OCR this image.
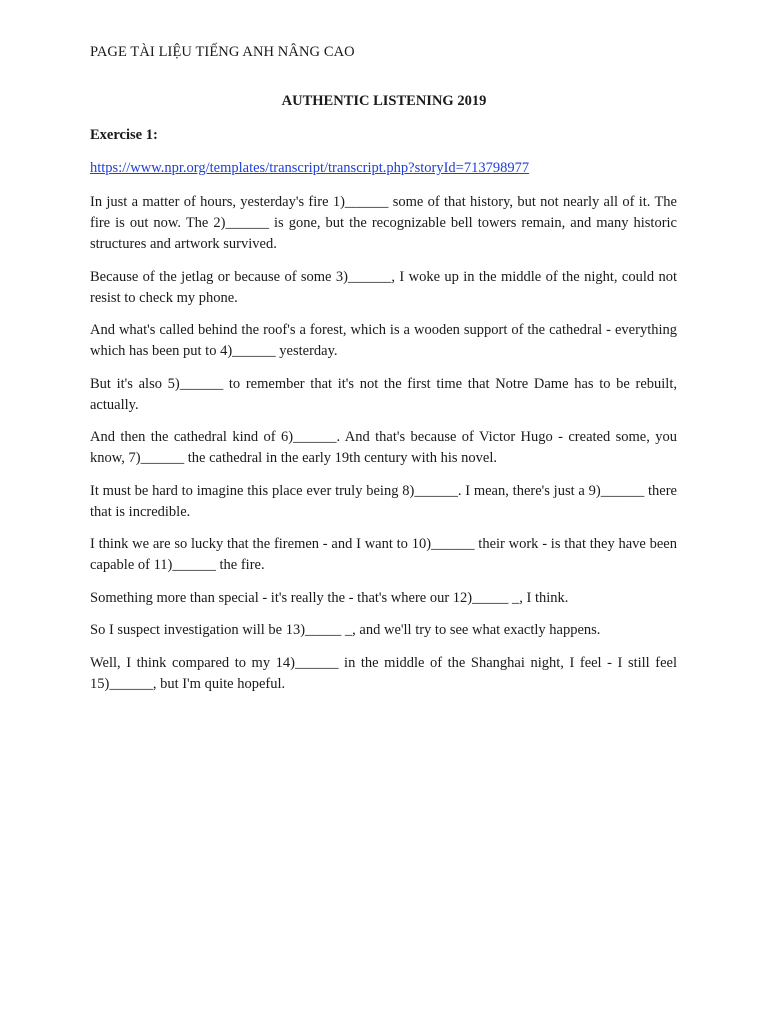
PAGE TÀI LIỆU TIẾNG ANH NÂNG CAO
AUTHENTIC LISTENING 2019
Exercise 1:
https://www.npr.org/templates/transcript/transcript.php?storyId=713798977

In just a matter of hours, yesterday's fire 1)______ some of that history, but not nearly all of it. The fire is out now. The 2)______ is gone, but the recognizable bell towers remain, and many historic structures and artwork survived.

Because of the jetlag or because of some 3)______, I woke up in the middle of the night, could not resist to check my phone.

And what's called behind the roof's a forest, which is a wooden support of the cathedral - everything which has been put to 4)______ yesterday.

But it's also 5)______ to remember that it's not the first time that Notre Dame has to be rebuilt, actually.

And then the cathedral kind of 6)______. And that's because of Victor Hugo - created some, you know, 7)______ the cathedral in the early 19th century with his novel.

It must be hard to imagine this place ever truly being 8)______. I mean, there's just a 9)______ there that is incredible.

I think we are so lucky that the firemen - and I want to 10)______ their work - is that they have been capable of 11)______ the fire.

Something more than special - it's really the - that's where our 12)_____ _, I think.

So I suspect investigation will be 13)_____ _, and we'll try to see what exactly happens.

Well, I think compared to my 14)______ in the middle of the Shanghai night, I feel - I still feel 15)______, but I'm quite hopeful.
